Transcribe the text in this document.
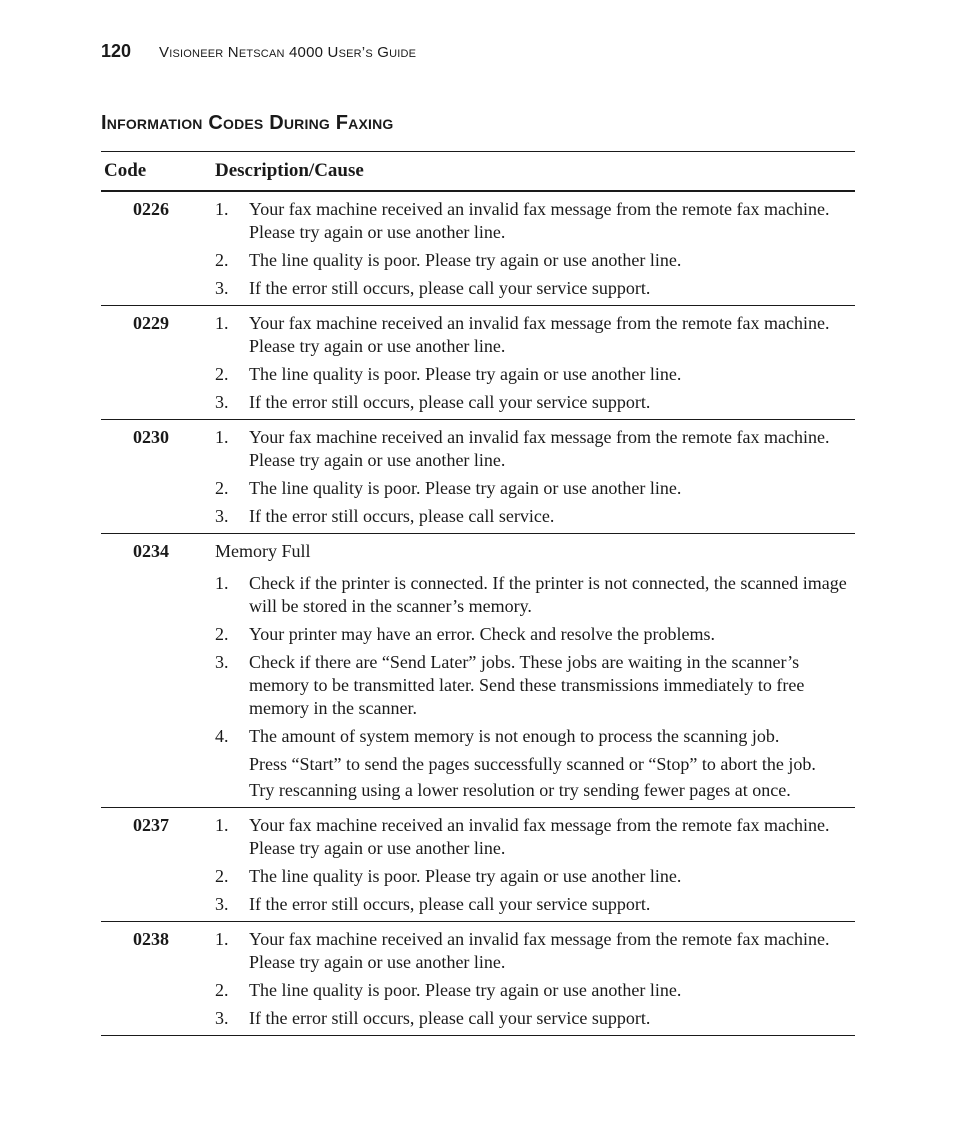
120 Visioneer Netscan 4000 User’s Guide
Information Codes During Faxing
Code	Description/Cause
0226	1.	Your fax machine received an invalid fax message from the remote fax machine. Please try again or use another line.
2.	The line quality is poor. Please try again or use another line.
3.	If the error still occurs, please call your service support.
0229	1.	Your fax machine received an invalid fax message from the remote fax machine. Please try again or use another line.
2.	The line quality is poor. Please try again or use another line.
3.	If the error still occurs, please call your service support.
0230	1.	Your fax machine received an invalid fax message from the remote fax machine. Please try again or use another line.
2.	The line quality is poor. Please try again or use another line.
3.	If the error still occurs, please call service.
0234	Memory Full
1.	Check if the printer is connected. If the printer is not connected, the scanned image will be stored in the scanner’s memory.
2.	Your printer may have an error. Check and resolve the problems.
3.	Check if there are “Send Later” jobs. These jobs are waiting in the scanner’s memory to be transmitted later. Send these transmissions immediately to free memory in the scanner.
4.	The amount of system memory is not enough to process the scanning job.
Press “Start” to send the pages successfully scanned or “Stop” to abort the job.
Try rescanning using a lower resolution or try sending fewer pages at once.
0237	1.	Your fax machine received an invalid fax message from the remote fax machine. Please try again or use another line.
2.	The line quality is poor. Please try again or use another line.
3.	If the error still occurs, please call your service support.
0238	1.	Your fax machine received an invalid fax message from the remote fax machine. Please try again or use another line.
2.	The line quality is poor. Please try again or use another line.
3.	If the error still occurs, please call your service support.
